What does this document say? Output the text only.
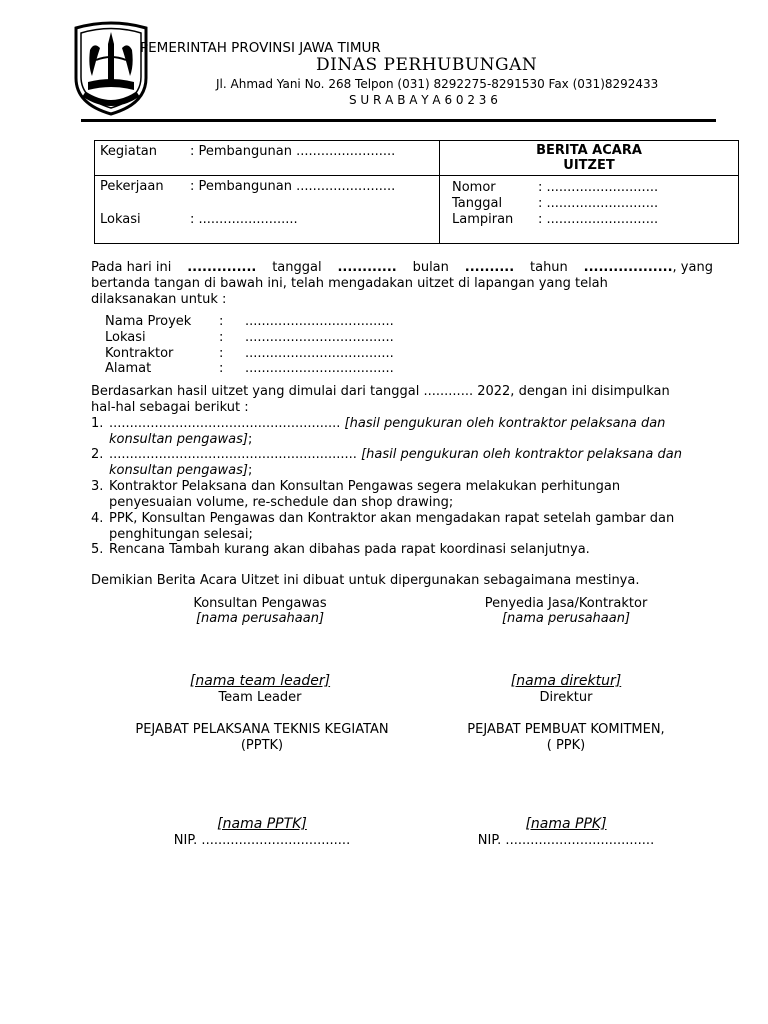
PEMERINTAH PROVINSI JAWA TIMUR
DINAS PERHUBUNGAN
Jl. Ahmad Yani No. 268 Telpon (031) 8292275-8291530 Fax (031)8292433
S U R A B A Y A 6 0 2 3 6
Kegiatan	: Pembangunan ........................	BERITA ACARA
UITZET
Pekerjaan : Pembangunan ........................
Lokasi	: ........................
Nomor	: ...........................
Tanggal	: ...........................
Lampiran : ...........................
Pada hari ini .............. tanggal ............ bulan .......... tahun .................., yang
bertanda tangan di bawah ini, telah mengadakan uitzet di lapangan yang telah
dilaksanakan untuk :
Nama Proyek : ....................................
Lokasi	: ....................................
Kontraktor	: ....................................
Alamat	: ....................................
Berdasarkan hasil uitzet yang dimulai dari tanggal ............ 2022, dengan ini disimpulkan
hal-hal sebagai berikut :
1. ........................................................ [hasil pengukuran oleh kontraktor pelaksana dan
konsultan pengawas];
2. ............................................................ [hasil pengukuran oleh kontraktor pelaksana dan
konsultan pengawas];
3. Kontraktor Pelaksana dan Konsultan Pengawas segera melakukan perhitungan
penyesuaian volume, re-schedule dan shop drawing;
4. PPK, Konsultan Pengawas dan Kontraktor akan mengadakan rapat setelah gambar dan
penghitungan selesai;
5. Rencana Tambah kurang akan dibahas pada rapat koordinasi selanjutnya.
Demikian Berita Acara Uitzet ini dibuat untuk dipergunakan sebagaimana mestinya.
Konsultan Pengawas
[nama perusahaan]
Penyedia Jasa/Kontraktor
[nama perusahaan]
[nama team leader]
Team Leader
[nama direktur]
Direktur
PEJABAT PELAKSANA TEKNIS KEGIATAN
(PPTK)
PEJABAT PEMBUAT KOMITMEN,
( PPK)
[nama PPTK]
NIP. ....................................
[nama PPK]
NIP. ....................................
